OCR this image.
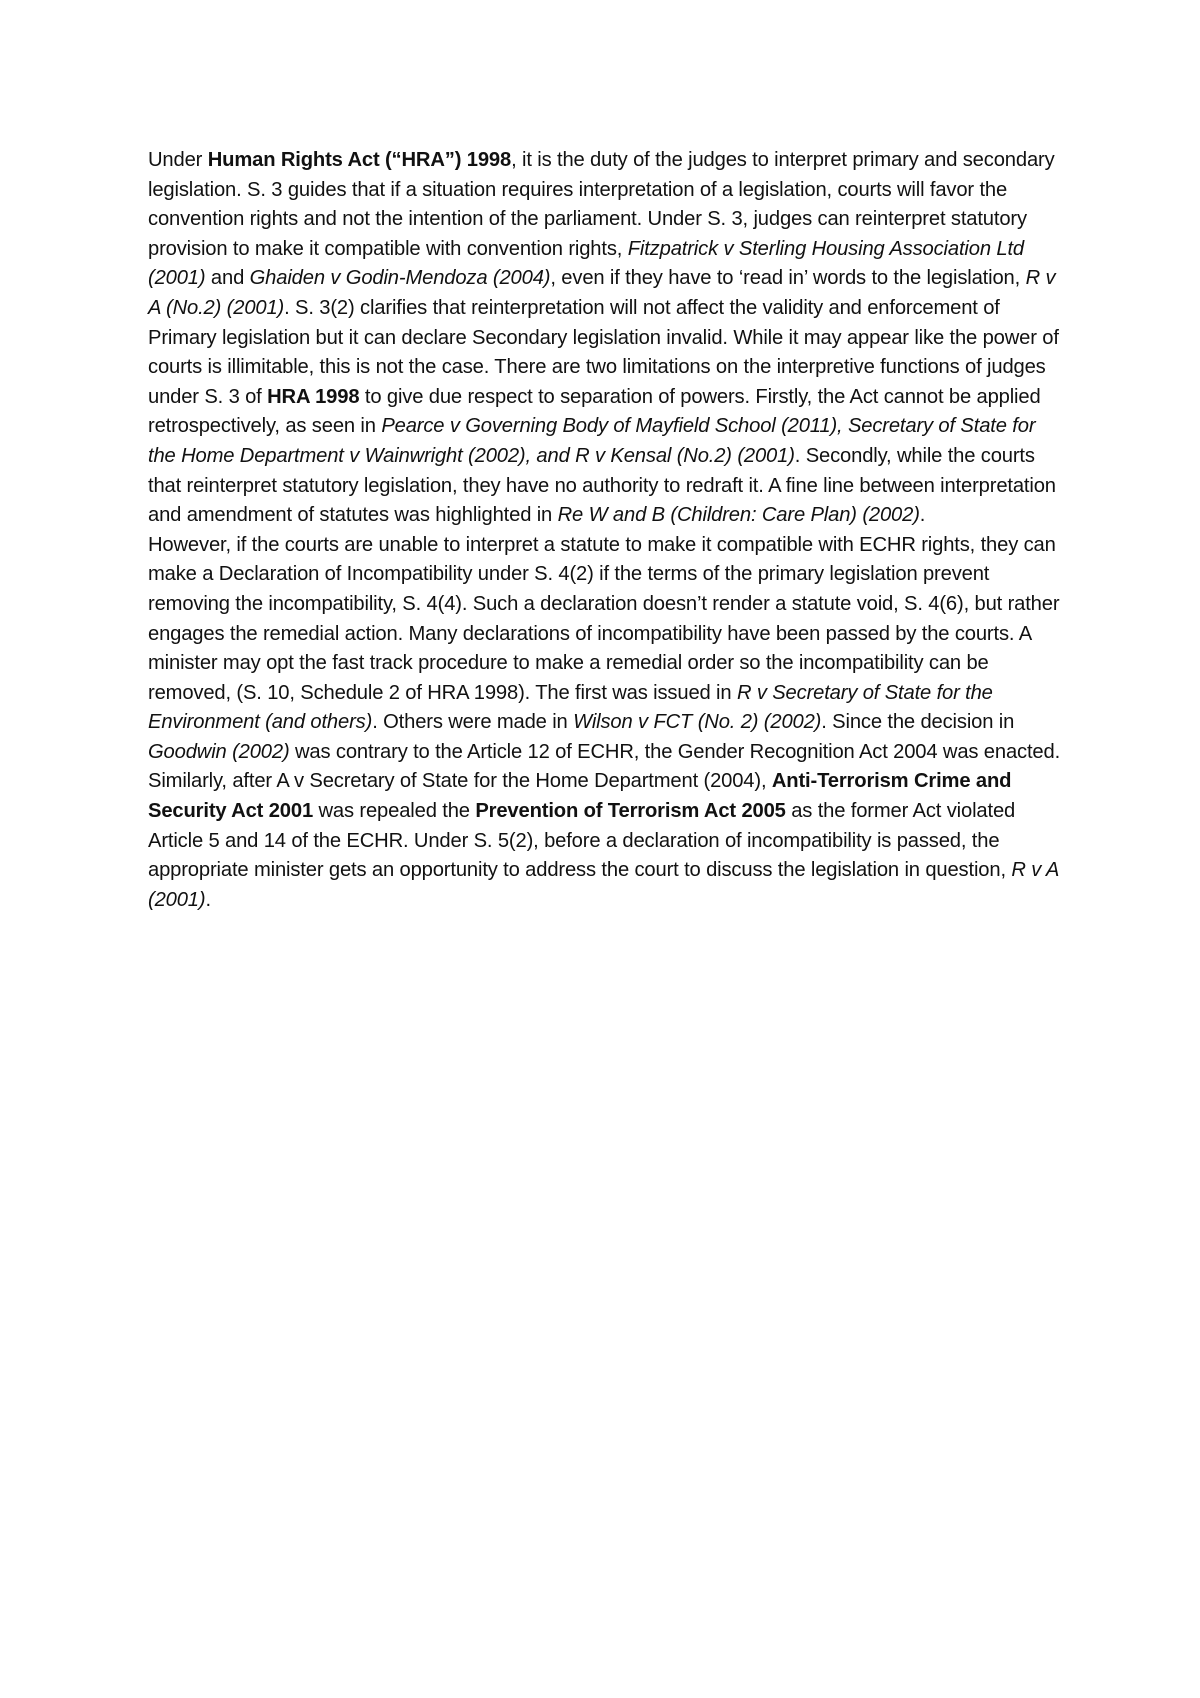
Under Human Rights Act (“HRA”) 1998, it is the duty of the judges to interpret primary and secondary legislation. S. 3 guides that if a situation requires interpretation of a legislation, courts will favor the convention rights and not the intention of the parliament. Under S. 3, judges can reinterpret statutory provision to make it compatible with convention rights, Fitzpatrick v Sterling Housing Association Ltd (2001) and Ghaiden v Godin-Mendoza (2004), even if they have to ‘read in’ words to the legislation, R v A (No.2) (2001). S. 3(2) clarifies that reinterpretation will not affect the validity and enforcement of Primary legislation but it can declare Secondary legislation invalid. While it may appear like the power of courts is illimitable, this is not the case. There are two limitations on the interpretive functions of judges under S. 3 of HRA 1998 to give due respect to separation of powers. Firstly, the Act cannot be applied retrospectively, as seen in Pearce v Governing Body of Mayfield School (2011), Secretary of State for the Home Department v Wainwright (2002), and R v Kensal (No.2) (2001). Secondly, while the courts that reinterpret statutory legislation, they have no authority to redraft it. A fine line between interpretation and amendment of statutes was highlighted in Re W and B (Children: Care Plan) (2002).

However, if the courts are unable to interpret a statute to make it compatible with ECHR rights, they can make a Declaration of Incompatibility under S. 4(2) if the terms of the primary legislation prevent removing the incompatibility, S. 4(4). Such a declaration doesn’t render a statute void, S. 4(6), but rather engages the remedial action. Many declarations of incompatibility have been passed by the courts. A minister may opt the fast track procedure to make a remedial order so the incompatibility can be removed, (S. 10, Schedule 2 of HRA 1998). The first was issued in R v Secretary of State for the Environment (and others). Others were made in Wilson v FCT (No. 2) (2002). Since the decision in Goodwin (2002) was contrary to the Article 12 of ECHR, the Gender Recognition Act 2004 was enacted. Similarly, after A v Secretary of State for the Home Department (2004), Anti-Terrorism Crime and Security Act 2001 was repealed the Prevention of Terrorism Act 2005 as the former Act violated Article 5 and 14 of the ECHR. Under S. 5(2), before a declaration of incompatibility is passed, the appropriate minister gets an opportunity to address the court to discuss the legislation in question, R v A (2001).
